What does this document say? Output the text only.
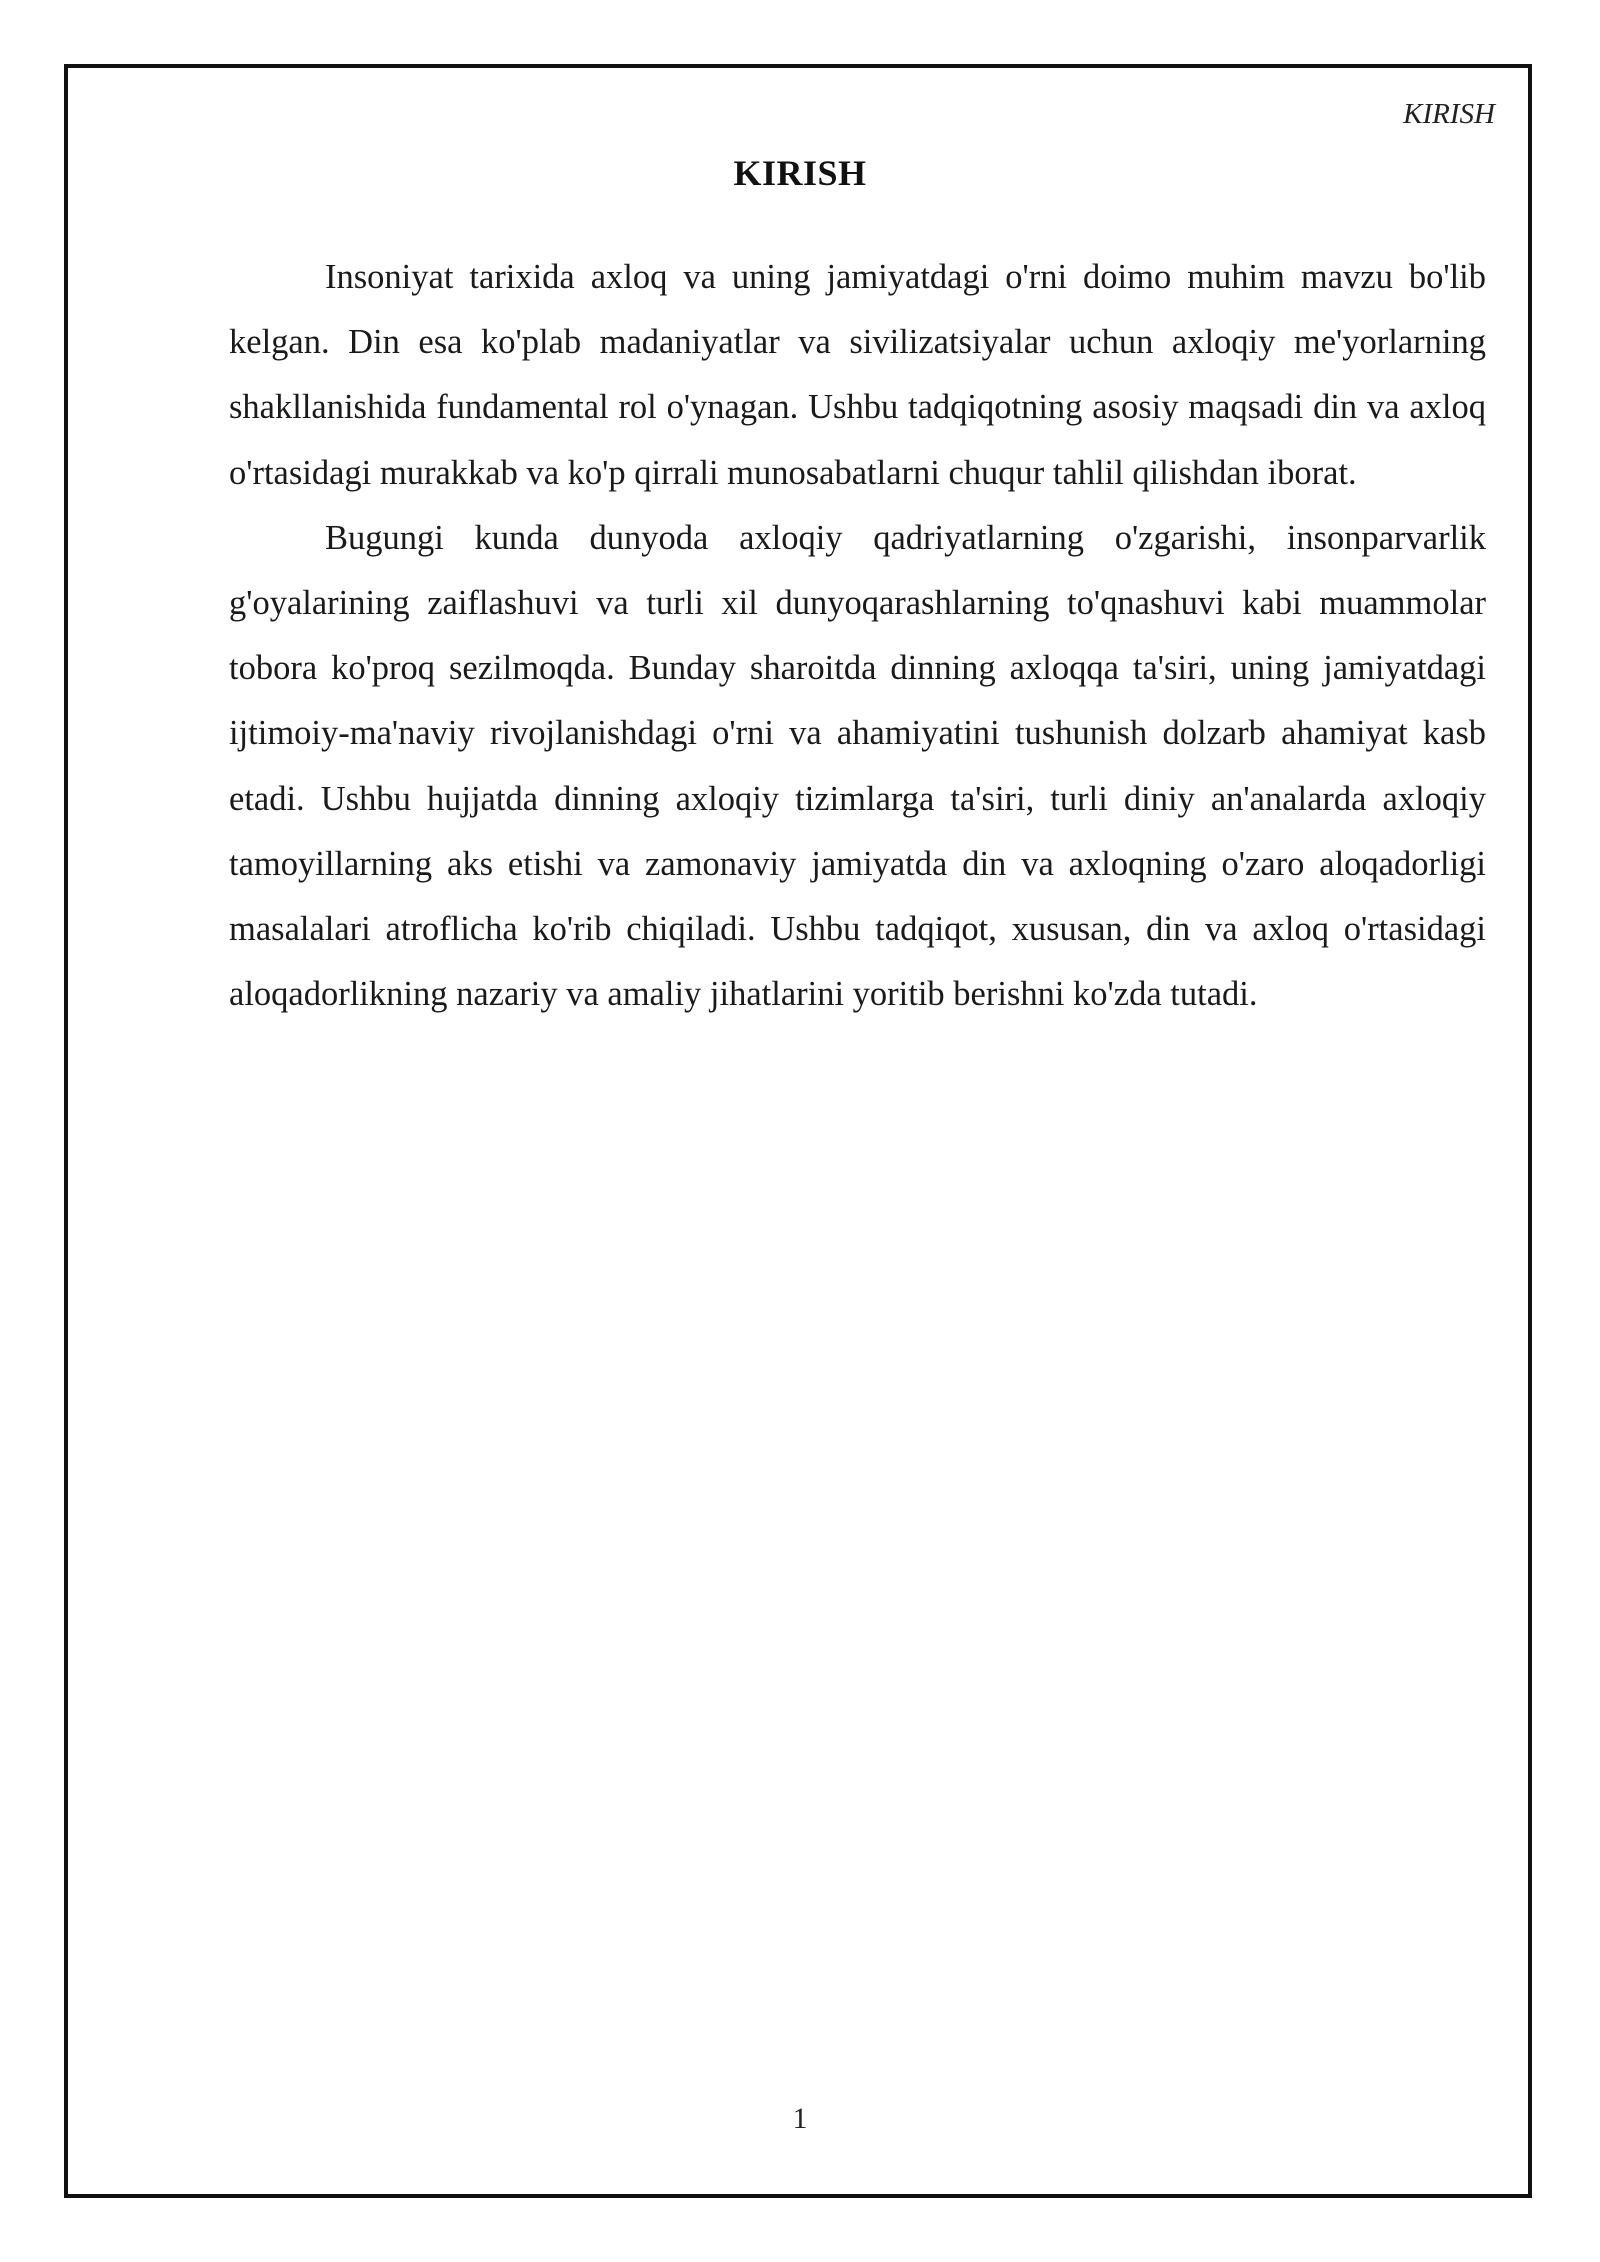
KIRISH
KIRISH

Insoniyat tarixida axloq va uning jamiyatdagi o'rni doimo muhim mavzu bo'lib kelgan. Din esa ko'plab madaniyatlar va sivilizatsiyalar uchun axloqiy me'yorlarning shakllanishida fundamental rol o'ynagan. Ushbu tadqiqotning asosiy maqsadi din va axloq o'rtasidagi murakkab va ko'p qirrali munosabatlarni chuqur tahlil qilishdan iborat.

Bugungi kunda dunyoda axloqiy qadriyatlarning o'zgarishi, insonparvarlik g'oyalarining zaiflashuvi va turli xil dunyoqarashlarning to'qnashuvi kabi muammolar tobora ko'proq sezilmoqda. Bunday sharoitda dinning axloqqa ta'siri, uning jamiyatdagi ijtimoiy-ma'naviy rivojlanishdagi o'rni va ahamiyatini tushunish dolzarb ahamiyat kasb etadi. Ushbu hujjatda dinning axloqiy tizimlarga ta'siri, turli diniy an'analarda axloqiy tamoyillarning aks etishi va zamonaviy jamiyatda din va axloqning o'zaro aloqadorligi masalalari atroflicha ko'rib chiqiladi. Ushbu tadqiqot, xususan, din va axloq o'rtasidagi aloqadorlikning nazariy va amaliy jihatlarini yoritib berishni ko'zda tutadi.

1
